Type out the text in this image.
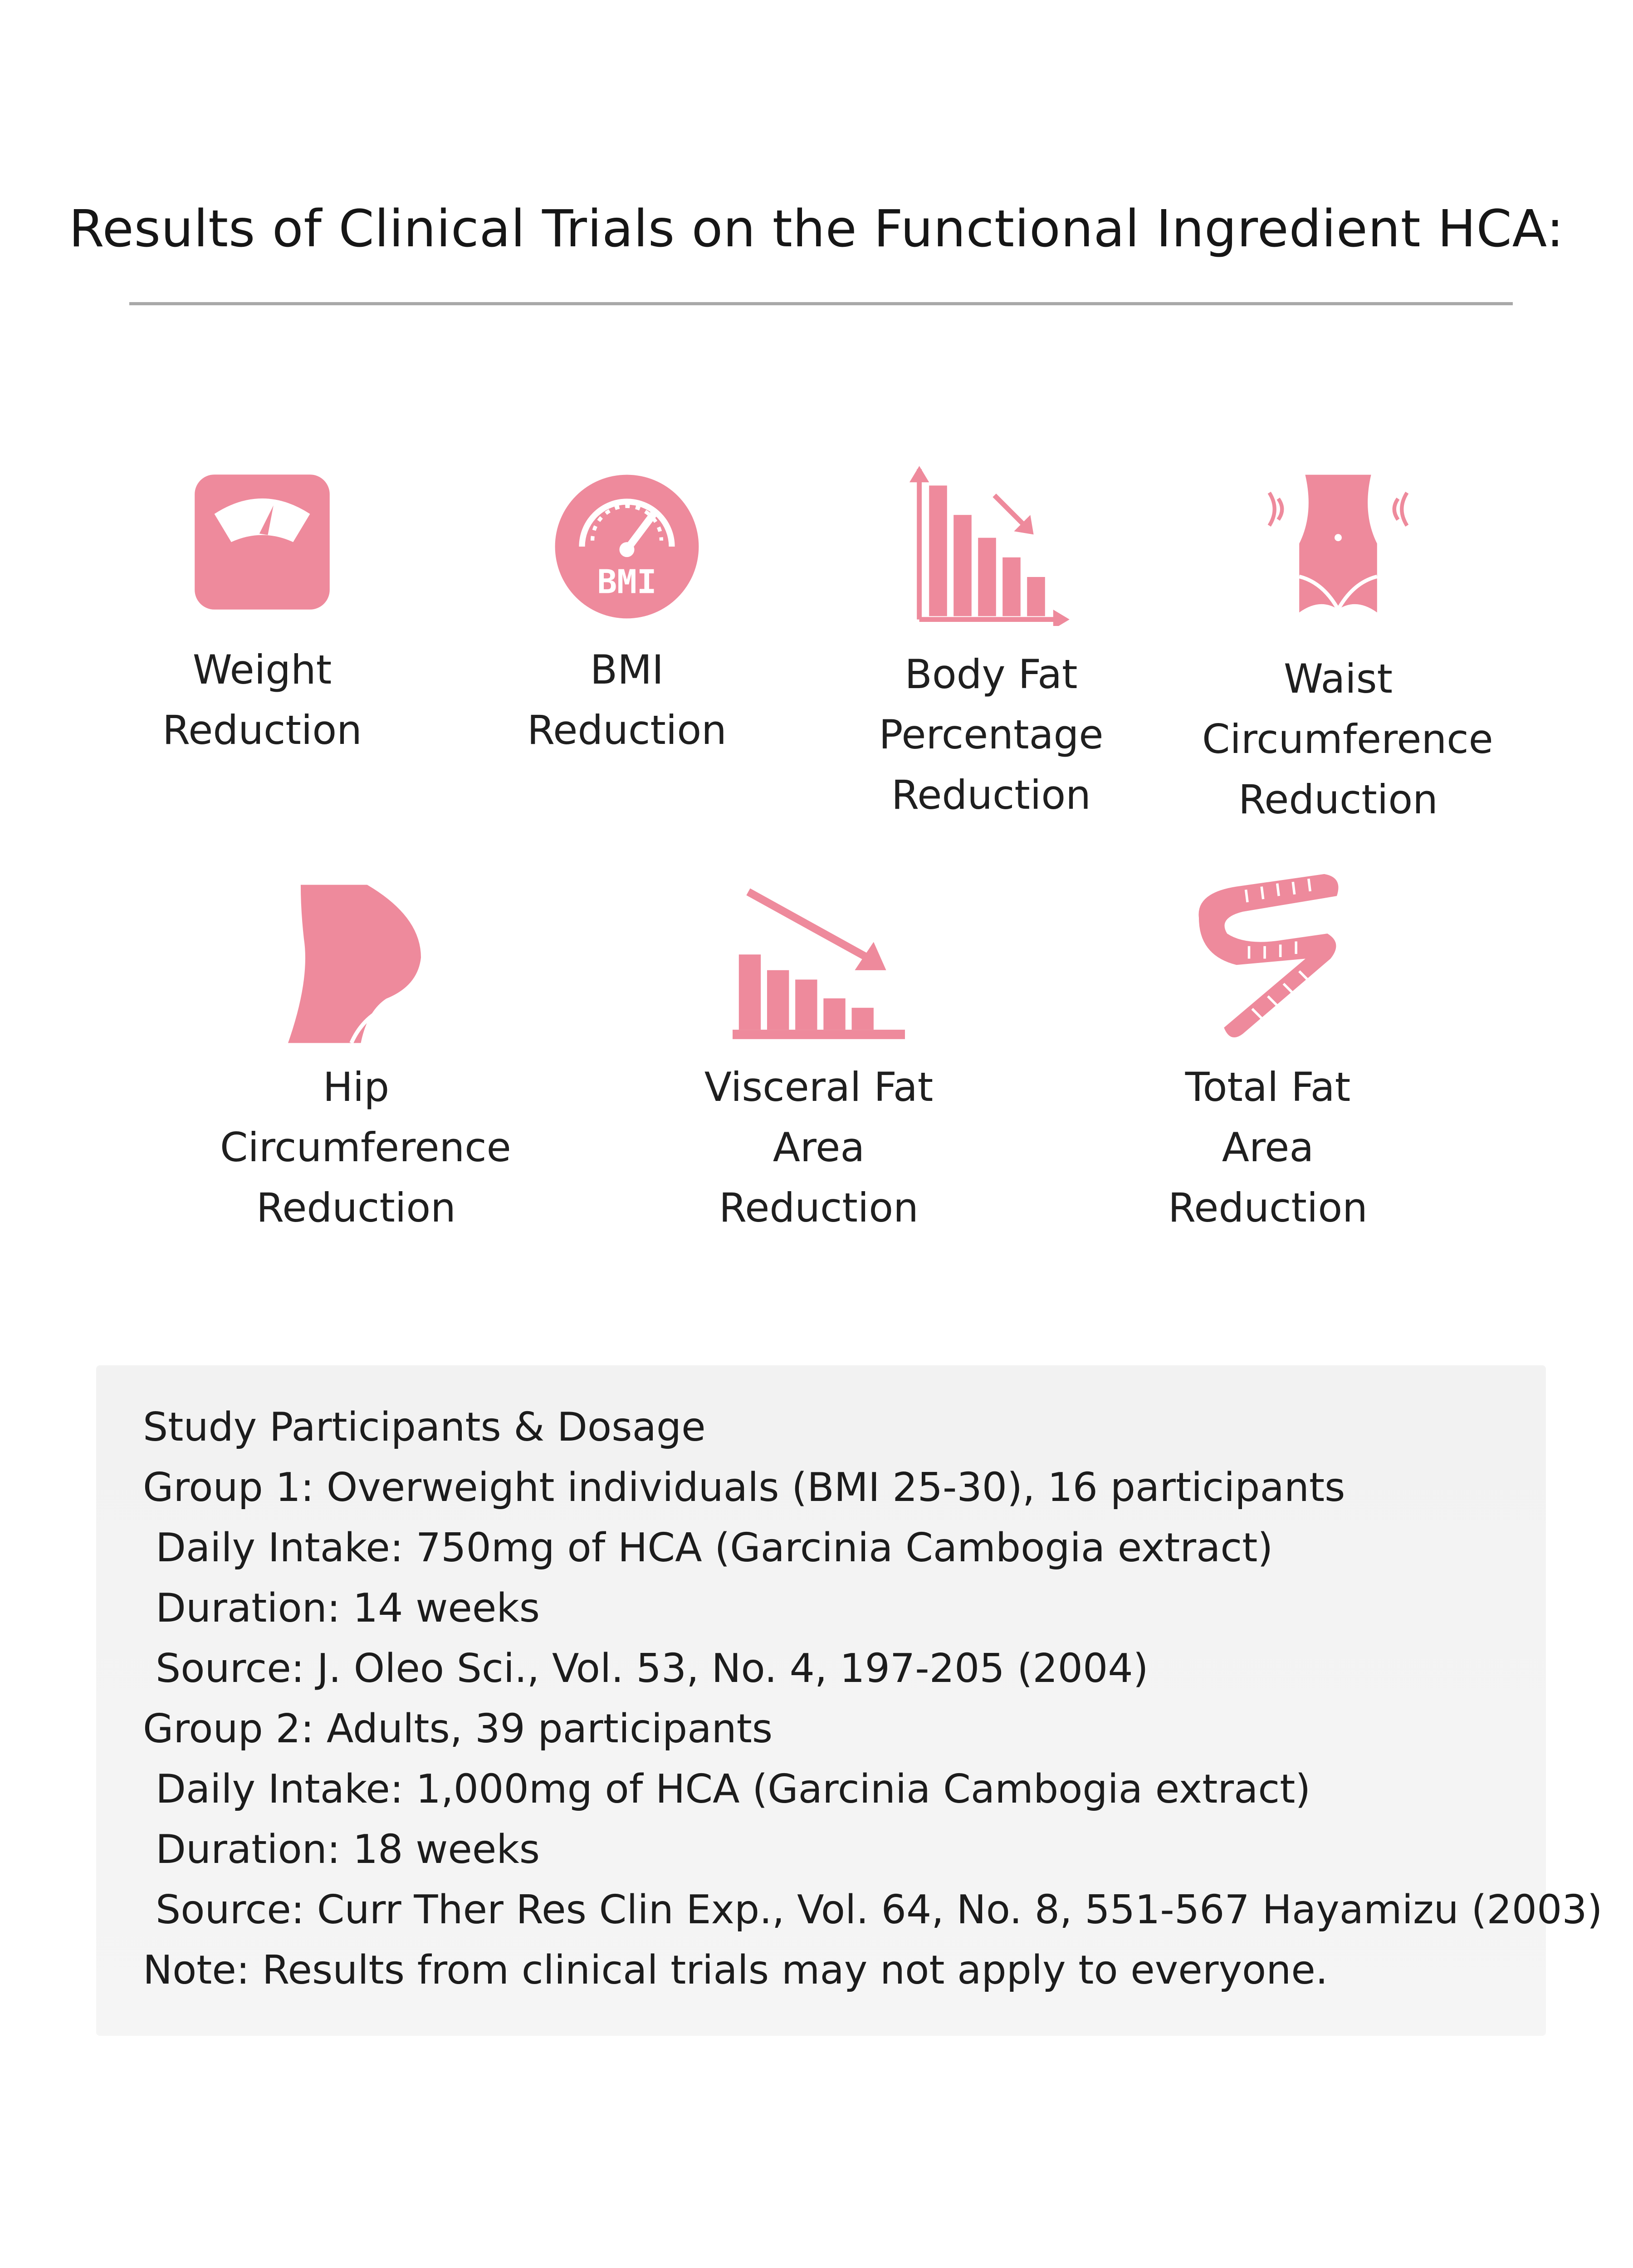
Results of Clinical Trials on the Functional Ingredient HCA:
Weight
Reduction
BMI
BMI
Reduction
Body Fat
Percentage
Reduction
Waist
Circumference
Reduction
Hip
Circumference
Reduction
Visceral Fat
Area
Reduction
Total Fat
Area
Reduction
Study Participants & Dosage
Group 1: Overweight individuals (BMI 25-30), 16 participants
Daily Intake: 750mg of HCA (Garcinia Cambogia extract)
Duration: 14 weeks
Source: J. Oleo Sci., Vol. 53, No. 4, 197-205 (2004)
Group 2: Adults, 39 participants
Daily Intake: 1,000mg of HCA (Garcinia Cambogia extract)
Duration: 18 weeks
Source: Curr Ther Res Clin Exp., Vol. 64, No. 8, 551-567 Hayamizu (2003)
Note: Results from clinical trials may not apply to everyone.
